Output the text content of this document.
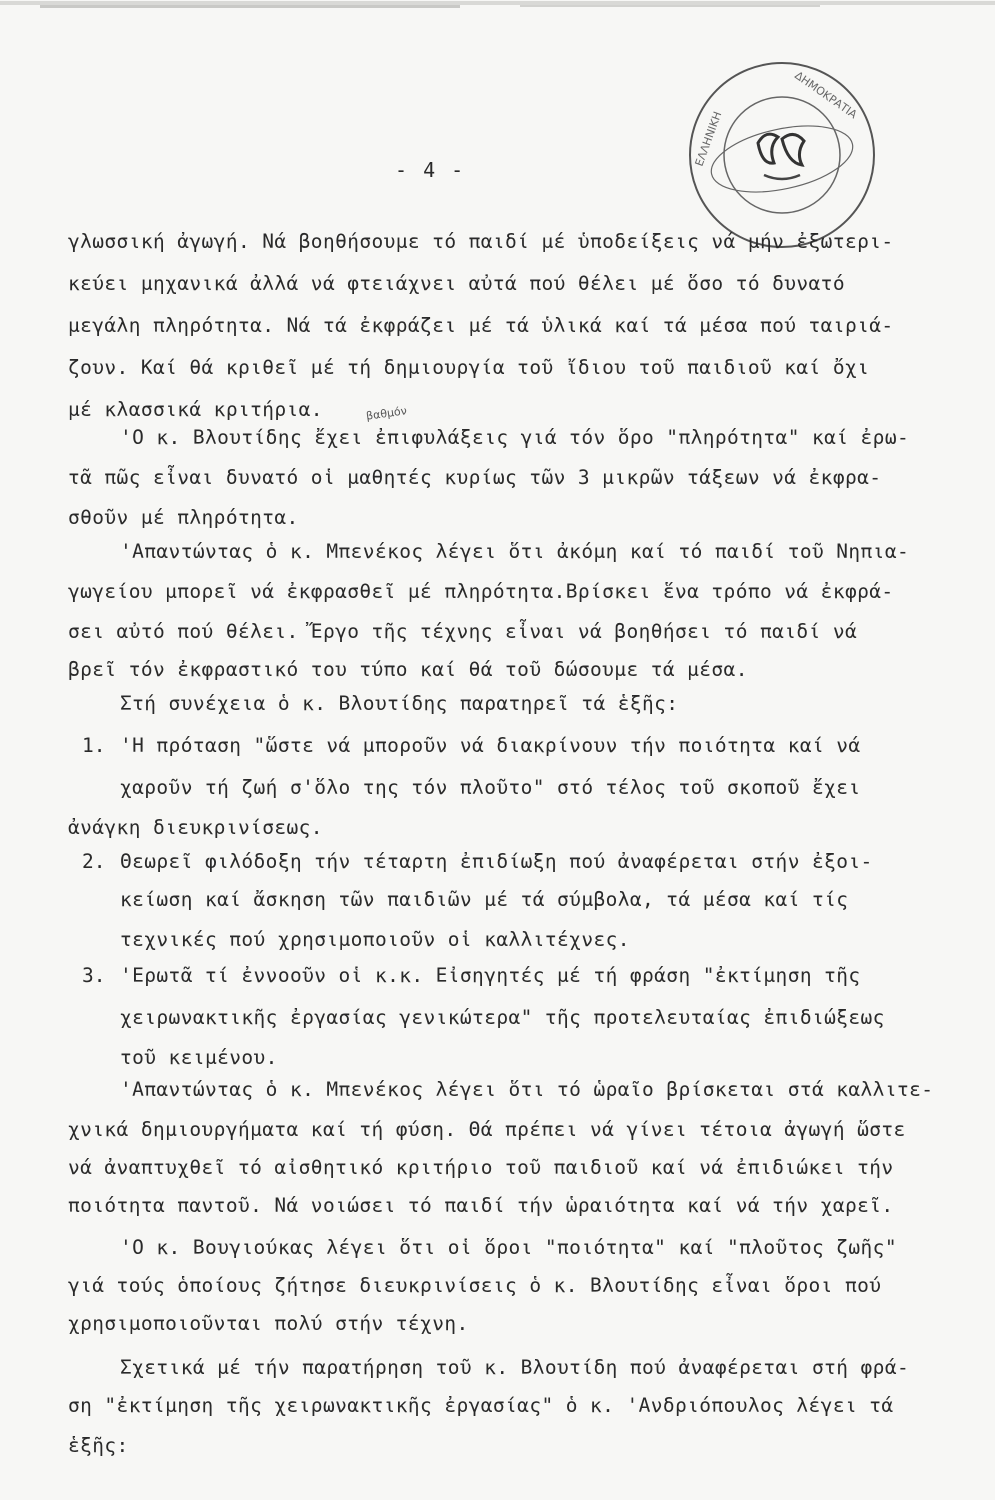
- 4 -
ΕΛΛΗΝΙΚΗ
ΔΗΜΟΚΡΑΤΙΑ
βαθμόν
γλωσσική ἀγωγή. Νά βοηθήσουμε τό παιδί μέ ὑποδείξεις νά μήν ἐξωτερι-
κεύει μηχανικά ἀλλά νά φτειάχνει αὐτά πού θέλει μέ ὅσο τό δυνατό
μεγάλη πληρότητα. Νά τά ἐκφράζει μέ τά ὑλικά καί τά μέσα πού ταιριά-
ζουν. Καί θά κριθεῖ μέ τή δημιουργία τοῦ ἴδιου τοῦ παιδιοῦ καί ὄχι
μέ κλασσικά κριτήρια.
'Ο κ. Βλουτίδης ἔχει ἐπιφυλάξεις γιά τόν ὅρο "πληρότητα" καί ἐρω-
τᾶ πῶς εἶναι δυνατό οἱ μαθητές κυρίως τῶν 3 μικρῶν τάξεων νά ἐκφρα-
σθοῦν μέ πληρότητα.
'Απαντώντας ὁ κ. Μπενέκος λέγει ὅτι ἀκόμη καί τό παιδί τοῦ Νηπια-
γωγείου μπορεῖ νά ἐκφρασθεῖ μέ πληρότητα.Βρίσκει ἕνα τρόπο νά ἐκφρά-
σει αὐτό πού θέλει. Ἔργο τῆς τέχνης εἶναι νά βοηθήσει τό παιδί νά
βρεῖ τόν ἐκφραστικό του τύπο καί θά τοῦ δώσουμε τά μέσα.
Στή συνέχεια ὁ κ. Βλουτίδης παρατηρεῖ τά ἑξῆς:
1. 'Η πρόταση "ὥστε νά μποροῦν νά διακρίνουν τήν ποιότητα καί νά
χαροῦν τή ζωή σ'ὅλο της τόν πλοῦτο" στό τέλος τοῦ σκοποῦ ἔχει
ἀνάγκη διευκρινίσεως.
2. Θεωρεῖ φιλόδοξη τήν τέταρτη ἐπιδίωξη πού ἀναφέρεται στήν ἐξοι-
κείωση καί ἄσκηση τῶν παιδιῶν μέ τά σύμβολα, τά μέσα καί τίς
τεχνικές πού χρησιμοποιοῦν οἱ καλλιτέχνες.
3. 'Ερωτᾶ τί ἐννοοῦν οἱ κ.κ. Εἰσηγητές μέ τή φράση "ἐκτίμηση τῆς
χειρωνακτικῆς ἐργασίας γενικώτερα" τῆς προτελευταίας ἐπιδιώξεως
τοῦ κειμένου.
'Απαντώντας ὁ κ. Μπενέκος λέγει ὅτι τό ὡραῖο βρίσκεται στά καλλιτε-
χνικά δημιουργήματα καί τή φύση. Θά πρέπει νά γίνει τέτοια ἀγωγή ὥστε
νά ἀναπτυχθεῖ τό αἰσθητικό κριτήριο τοῦ παιδιοῦ καί νά ἐπιδιώκει τήν
ποιότητα παντοῦ. Νά νοιώσει τό παιδί τήν ὡραιότητα καί νά τήν χαρεῖ.
'Ο κ. Βουγιούκας λέγει ὅτι οἱ ὅροι "ποιότητα" καί "πλοῦτος ζωῆς"
γιά τούς ὁποίους ζήτησε διευκρινίσεις ὁ κ. Βλουτίδης εἶναι ὅροι πού
χρησιμοποιοῦνται πολύ στήν τέχνη.
Σχετικά μέ τήν παρατήρηση τοῦ κ. Βλουτίδη πού ἀναφέρεται στή φρά-
ση "ἐκτίμηση τῆς χειρωνακτικῆς ἐργασίας" ὁ κ. 'Ανδριόπουλος λέγει τά
ἑξῆς:
